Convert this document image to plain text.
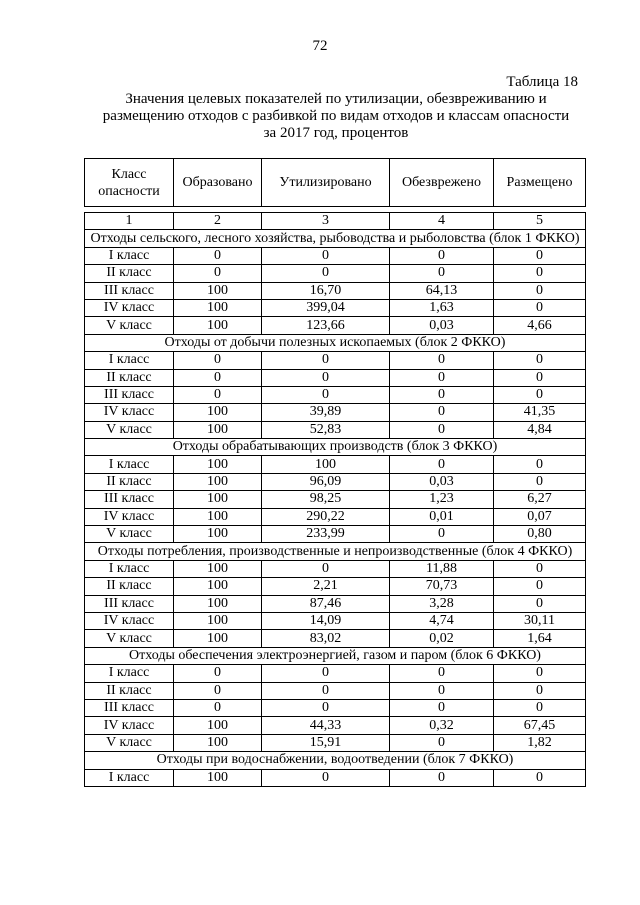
72
Таблица 18
Значения целевых показателей по утилизации, обезвреживанию и
размещению отходов с разбивкой по видам отходов и классам опасности
за 2017 год, процентов
Класс опасности	Образовано	Утилизировано	Обезврежено	Размещено
1	2	3	4	5
Отходы сельского, лесного хозяйства, рыбоводства и рыболовства (блок 1 ФККО)				
I класс	0	0	0	0
II класс	0	0	0	0
III класс	100	16,70	64,13	0
IV класс	100	399,04	1,63	0
V класс	100	123,66	0,03	4,66
Отходы от добычи полезных ископаемых (блок 2 ФККО)				
I класс	0	0	0	0
II класс	0	0	0	0
III класс	0	0	0	0
IV класс	100	39,89	0	41,35
V класс	100	52,83	0	4,84
Отходы обрабатывающих производств (блок 3 ФККО)				
I класс	100	100	0	0
II класс	100	96,09	0,03	0
III класс	100	98,25	1,23	6,27
IV класс	100	290,22	0,01	0,07
V класс	100	233,99	0	0,80
Отходы потребления, производственные и непроизводственные (блок 4 ФККО)				
I класс	100	0	11,88	0
II класс	100	2,21	70,73	0
III класс	100	87,46	3,28	0
IV класс	100	14,09	4,74	30,11
V класс	100	83,02	0,02	1,64
Отходы обеспечения электроэнергией, газом и паром (блок 6 ФККО)				
I класс	0	0	0	0
II класс	0	0	0	0
III класс	0	0	0	0
IV класс	100	44,33	0,32	67,45
V класс	100	15,91	0	1,82
Отходы при водоснабжении, водоотведении (блок 7 ФККО)				
I класс	100	0	0	0
